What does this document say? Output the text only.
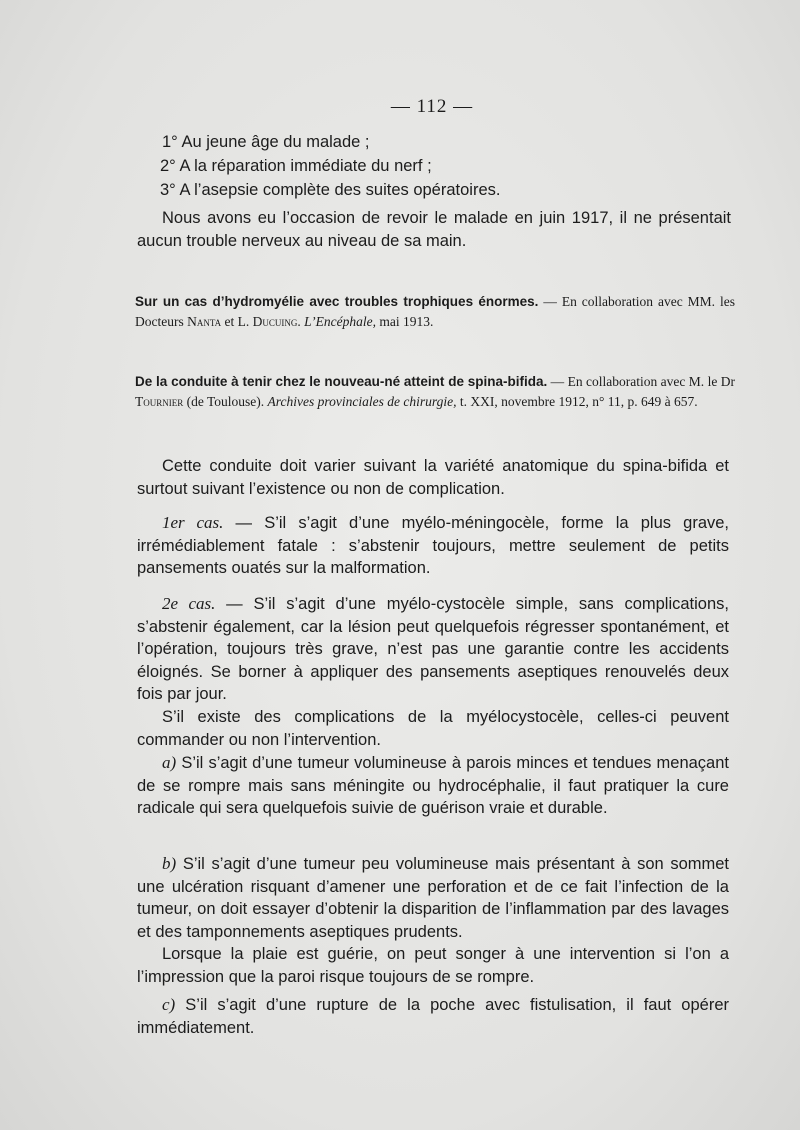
— 112 —
1° Au jeune âge du malade ;
2° A la réparation immédiate du nerf ;
3° A l’asepsie complète des suites opératoires.
Nous avons eu l’occasion de revoir le malade en juin 1917, il ne présentait aucun trouble nerveux au niveau de sa main.
Sur un cas d’hydromyélie avec troubles trophiques énormes. — En collaboration avec MM. les Docteurs Nanta et L. Ducuing. L’Encéphale, mai 1913.
De la conduite à tenir chez le nouveau-né atteint de spina-bifida. — En collaboration avec M. le Dr Tournier (de Toulouse). Archives provinciales de chirurgie, t. XXI, novembre 1912, n° 11, p. 649 à 657.
Cette conduite doit varier suivant la variété anatomique du spina-bifida et surtout suivant l’existence ou non de complication.
1er cas. — S’il s’agit d’une myélo-méningocèle, forme la plus grave, irrémédiablement fatale : s’abstenir toujours, mettre seulement de petits pansements ouatés sur la malformation.
2e cas. — S’il s’agit d’une myélo-cystocèle simple, sans complications, s’abstenir également, car la lésion peut quelquefois régresser spontanément, et l’opération, toujours très grave, n’est pas une garantie contre les accidents éloignés. Se borner à appliquer des pansements aseptiques renouvelés deux fois par jour.
S’il existe des complications de la myélocystocèle, celles-ci peuvent commander ou non l’intervention.
a) S’il s’agit d’une tumeur volumineuse à parois minces et tendues menaçant de se rompre mais sans méningite ou hydrocéphalie, il faut pratiquer la cure radicale qui sera quelquefois suivie de guérison vraie et durable.
b) S’il s’agit d’une tumeur peu volumineuse mais présentant à son sommet une ulcération risquant d’amener une perforation et de ce fait l’infection de la tumeur, on doit essayer d’obtenir la disparition de l’inflammation par des lavages et des tamponnements aseptiques prudents.
Lorsque la plaie est guérie, on peut songer à une intervention si l’on a l’impression que la paroi risque toujours de se rompre.
c) S’il s’agit d’une rupture de la poche avec fistulisation, il faut opérer immédiatement.
